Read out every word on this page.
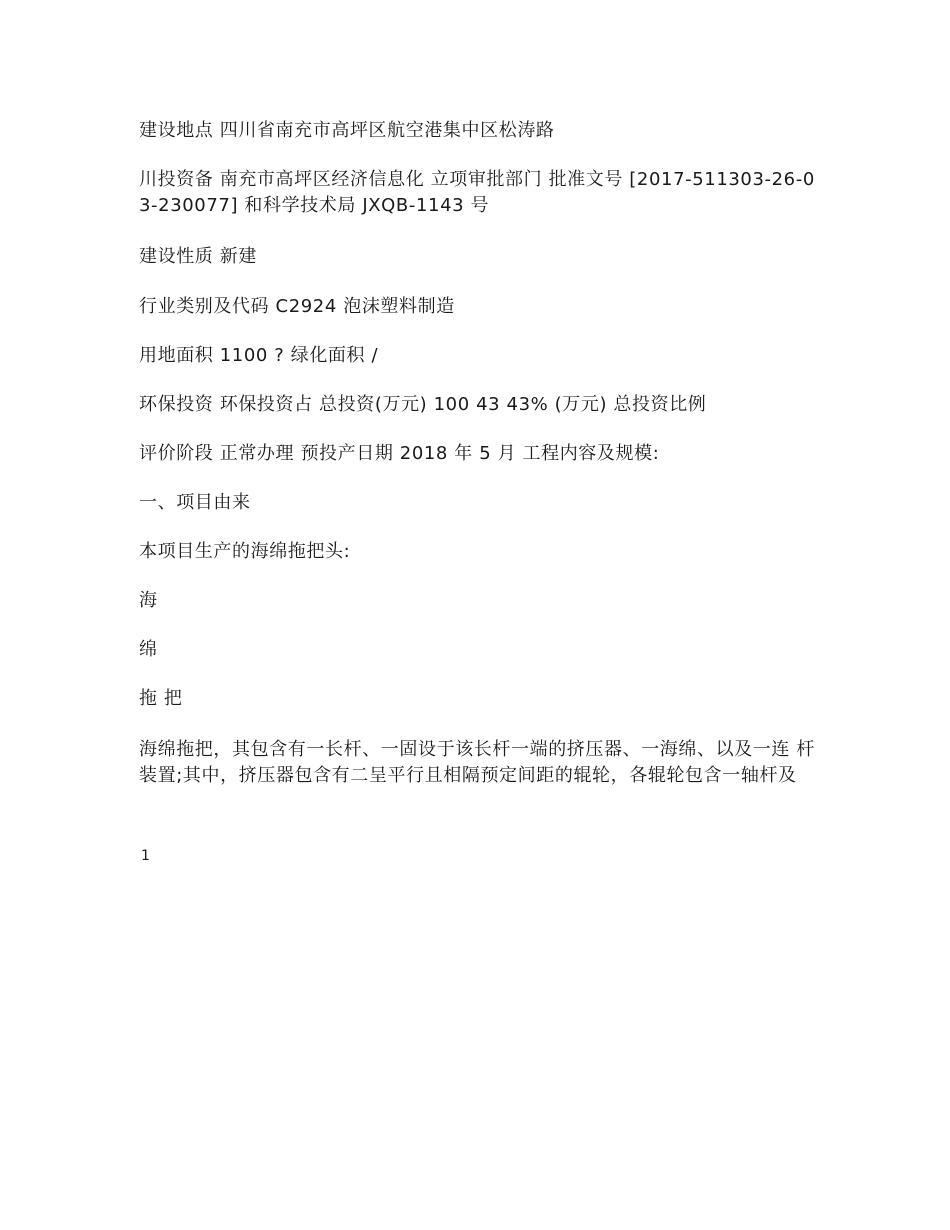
建设地点 四川省南充市高坪区航空港集中区松涛路

川投资备 南充市高坪区经济信息化 立项审批部门 批准文号 [2017-511303-26-03-230077] 和科学技术局 JXQB-1143 号

建设性质 新建

行业类别及代码 C2924 泡沫塑料制造

用地面积 1100 ? 绿化面积 /

环保投资 环保投资占 总投资(万元) 100 43 43% (万元) 总投资比例

评价阶段 正常办理 预投产日期 2018 年 5 月 工程内容及规模:

一、项目由来

本项目生产的海绵拖把头:

海

绵

拖 把

海绵拖把，其包含有一长杆、一固设于该长杆一端的挤压器、一海绵、以及一连 杆装置;其中，挤压器包含有二呈平行且相隔预定间距的辊轮，各辊轮包含一轴杆及

1
